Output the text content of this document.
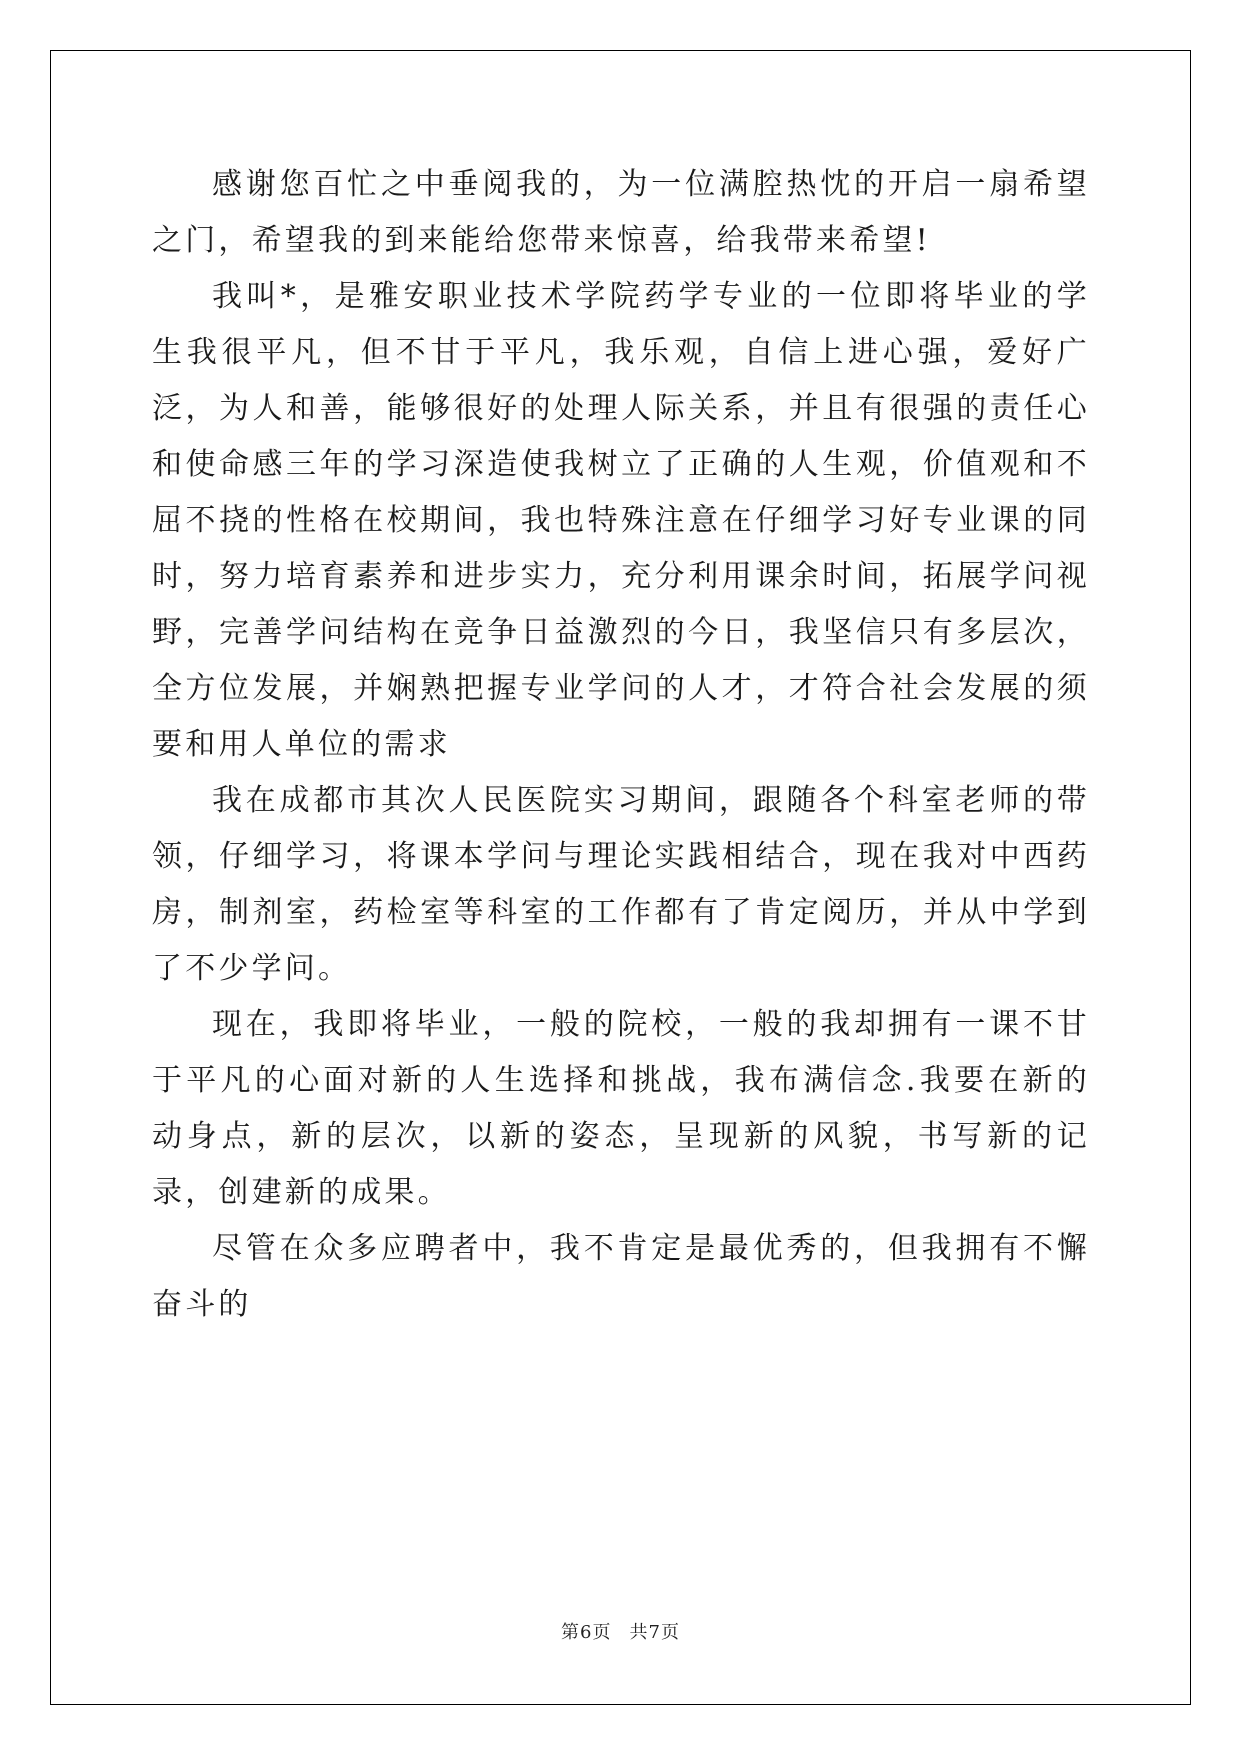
感谢您百忙之中垂阅我的，为一位满腔热忱的开启一扇希望之门，希望我的到来能给您带来惊喜，给我带来希望!

我叫*，是雅安职业技术学院药学专业的一位即将毕业的学生我很平凡，但不甘于平凡，我乐观，自信上进心强，爱好广泛，为人和善，能够很好的处理人际关系，并且有很强的责任心和使命感三年的学习深造使我树立了正确的人生观，价值观和不屈不挠的性格在校期间，我也特殊注意在仔细学习好专业课的同时，努力培育素养和进步实力，充分利用课余时间，拓展学问视野，完善学问结构在竞争日益激烈的今日，我坚信只有多层次，全方位发展，并娴熟把握专业学问的人才，才符合社会发展的须要和用人单位的需求

我在成都市其次人民医院实习期间，跟随各个科室老师的带领，仔细学习，将课本学问与理论实践相结合，现在我对中西药房，制剂室，药检室等科室的工作都有了肯定阅历，并从中学到了不少学问。

现在，我即将毕业，一般的院校，一般的我却拥有一课不甘于平凡的心面对新的人生选择和挑战，我布满信念.我要在新的动身点，新的层次，以新的姿态，呈现新的风貌，书写新的记录，创建新的成果。

尽管在众多应聘者中，我不肯定是最优秀的，但我拥有不懈奋斗的

第6页 共7页
